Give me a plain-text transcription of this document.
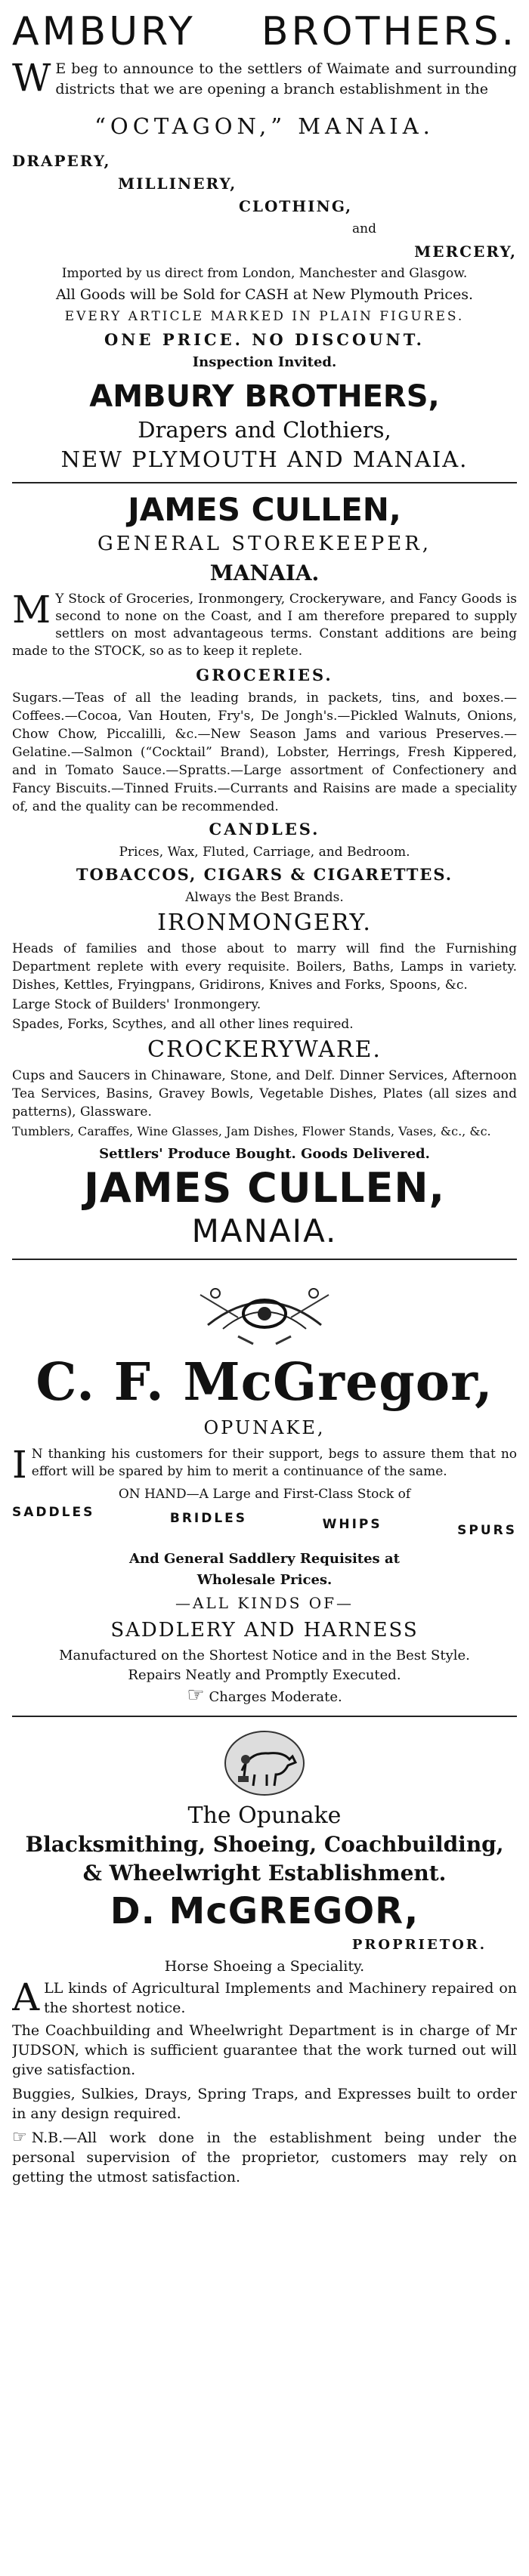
AMBURY BROTHERS.
W E beg to announce to the settlers of Waimate and surrounding districts that we are opening a branch establishment in the
“OCTAGON,” MANAIA.
DRAPERY,
MILLINERY,
CLOTHING,
and
MERCERY,
Imported by us direct from London, Manchester and Glasgow.
All Goods will be Sold for CASH at New Plymouth Prices.
EVERY ARTICLE MARKED IN PLAIN FIGURES.
ONE PRICE. NO DISCOUNT.
Inspection Invited.
AMBURY BROTHERS,
Drapers and Clothiers,
NEW PLYMOUTH AND MANAIA.
JAMES CULLEN,
GENERAL STOREKEEPER,
MANAIA.
M Y Stock of Groceries, Ironmongery, Crockeryware, and Fancy Goods is second to none on the Coast, and I am therefore prepared to supply settlers on most advantageous terms. Constant additions are being made to the STOCK, so as to keep it replete.
GROCERIES.
Sugars.—Teas of all the leading brands, in packets, tins, and boxes.—Coffees.—Cocoa, Van Houten, Fry's, De Jongh's.—Pickled Walnuts, Onions, Chow Chow, Piccalilli, &c.—New Season Jams and various Preserves.—Gelatine.—Salmon (“Cocktail” Brand), Lobster, Herrings, Fresh Kippered, and in Tomato Sauce.—Spratts.—Large assortment of Confectionery and Fancy Biscuits.—Tinned Fruits.—Currants and Raisins are made a speciality of, and the quality can be recommended.
CANDLES.
Prices, Wax, Fluted, Carriage, and Bedroom.
TOBACCOS, CIGARS & CIGARETTES.
Always the Best Brands.
IRONMONGERY.
Heads of families and those about to marry will find the Furnishing Department replete with every requisite. Boilers, Baths, Lamps in variety. Dishes, Kettles, Fryingpans, Gridirons, Knives and Forks, Spoons, &c.
Large Stock of Builders' Ironmongery.
Spades, Forks, Scythes, and all other lines required.
CROCKERYWARE.
Cups and Saucers in Chinaware, Stone, and Delf. Dinner Services, Afternoon Tea Services, Basins, Gravey Bowls, Vegetable Dishes, Plates (all sizes and patterns), Glassware.
Tumblers, Caraffes, Wine Glasses, Jam Dishes, Flower Stands, Vases, &c., &c.
Settlers' Produce Bought. Goods Delivered.
JAMES CULLEN,
MANAIA.
C. F. McGregor,
OPUNAKE,
I N thanking his customers for their support, begs to assure them that no effort will be spared by him to merit a continuance of the same.
ON HAND—A Large and First-Class Stock of
SADDLES	BRIDLES	WHIPS	SPURS
And General Saddlery Requisites at
Wholesale Prices.
—ALL KINDS OF—
SADDLERY AND HARNESS
Manufactured on the Shortest Notice and in the Best Style.
Repairs Neatly and Promptly Executed.
☞ Charges Moderate.
The Opunake
Blacksmithing, Shoeing, Coachbuilding,
& Wheelwright Establishment.
D. McGREGOR,
PROPRIETOR.
Horse Shoeing a Speciality.
ALL kinds of Agricultural Implements and Machinery repaired on the shortest notice.
The Coachbuilding and Wheelwright Department is in charge of Mr JUDSON, which is sufficient guarantee that the work turned out will give satisfaction.
Buggies, Sulkies, Drays, Spring Traps, and Expresses built to order in any design required.
☞ N.B.—All work done in the establishment being under the personal supervision of the proprietor, customers may rely on getting the utmost satisfaction.
